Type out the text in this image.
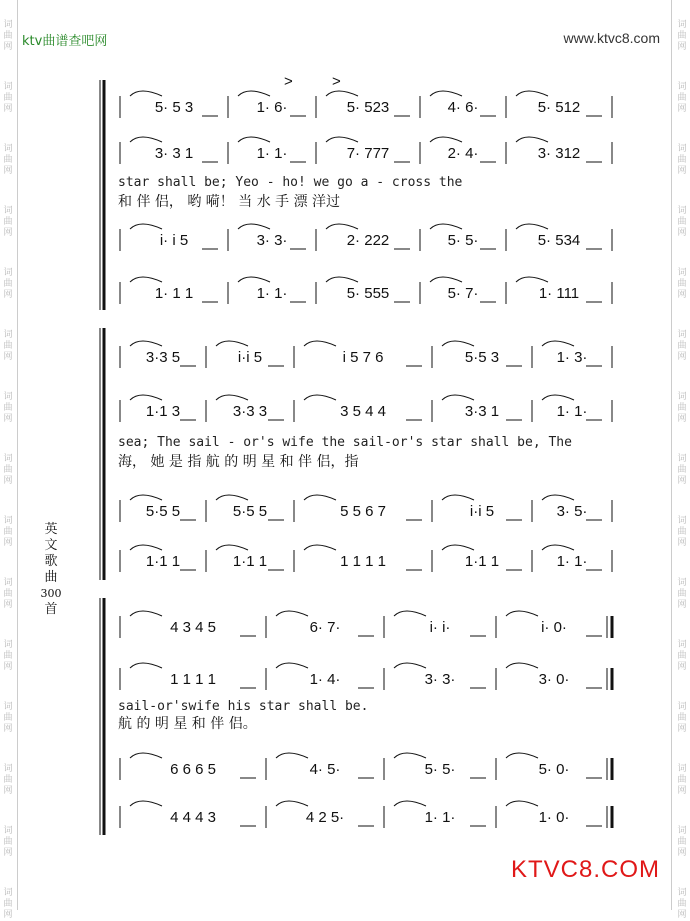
ktv曲谱查吧网	www.ktvc8.com
词
曲
网
词
曲
网
词
曲
网
词
曲
网
词
曲
网
词
曲
网
词
曲
网
词
曲
网
词
曲
网
词
曲
网
词
曲
网
词
曲
网
词
曲
网
词
曲
网
词
曲
网
词
曲
网
词
曲
网
词
曲
网
词
曲
网
词
曲
网
词
曲
网
词
曲
网
词
曲
网
词
曲
网
词
曲
网
词
曲
网
词
曲
网
词
曲
网
词
曲
网
词
曲
网
英
文
歌
曲
300
首
5· 5 3	1· 6·	5· 523	4· 6·	5· 512
3· 3 1	1· 1·	7· 777	2· 4·	3· 312
star shall be; Yeo - ho! we go a - cross the
和 伴 侣， 哟 嗬！ 当 水 手 漂 洋过
i· i 5	3· 3·	2· 222	5· 5·	5· 534
1· 1 1	1· 1·	5· 555	5· 7·	1· 111
3·3 5	i·i 5	i 5 7 6	5·5 3	1· 3·
1·1 3	3·3 3	3 5 4 4	3·3 1	1· 1·
sea; The sail - or's wife the sail-or's star shall be, The
海， 她 是 指 航 的 明 星 和 伴 侣，指
5·5 5	5·5 5	5 5 6 7	i·i 5	3· 5·
1·1 1	1·1 1	1 1 1 1	1·1 1	1· 1·
4 3 4 5	6· 7·	i· i·	i· 0·
1 1 1 1	1· 4·	3· 3·	3· 0·
sail-or'swife his star shall be.
航 的 明 星 和 伴 侣。
6 6 6 5	4· 5·	5· 5·	5· 0·
4 4 4 3	4 2 5·	1· 1·	1· 0·
>	>
KTVC8.COM
